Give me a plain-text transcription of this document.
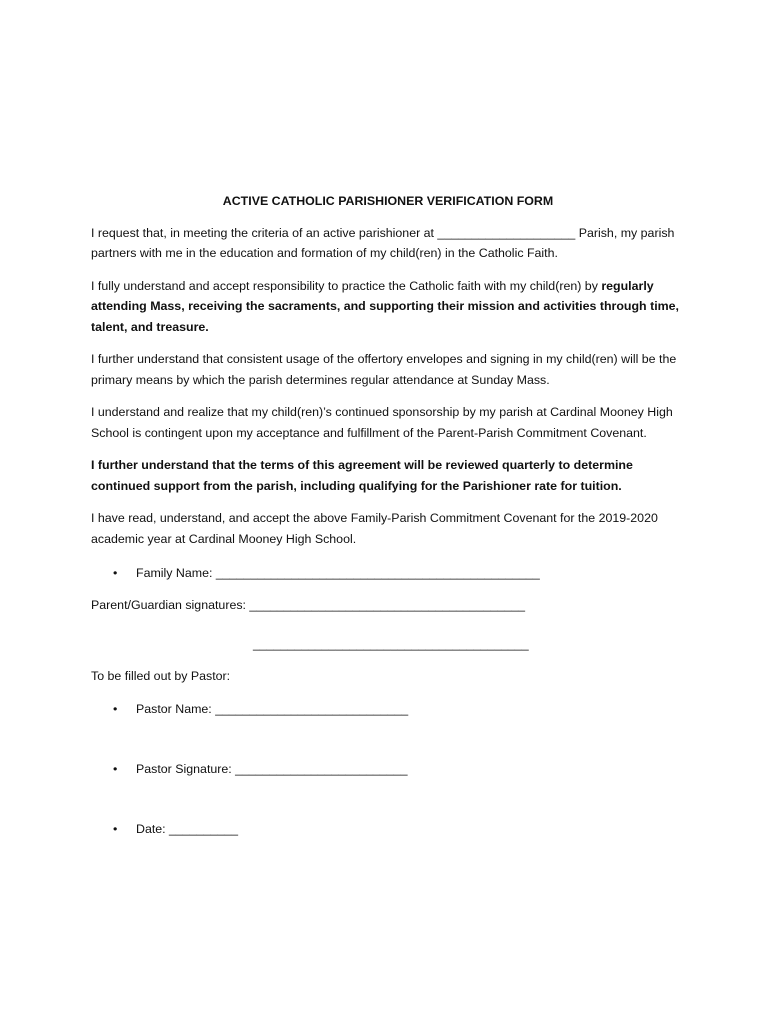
ACTIVE CATHOLIC PARISHIONER VERIFICATION FORM

I request that, in meeting the criteria of an active parishioner at ____________________ Parish, my parish partners with me in the education and formation of my child(ren) in the Catholic Faith.

I fully understand and accept responsibility to practice the Catholic faith with my child(ren) by regularly attending Mass, receiving the sacraments, and supporting their mission and activities through time, talent, and treasure.

I further understand that consistent usage of the offertory envelopes and signing in my child(ren) will be the primary means by which the parish determines regular attendance at Sunday Mass.

I understand and realize that my child(ren)’s continued sponsorship by my parish at Cardinal Mooney High School is contingent upon my acceptance and fulfillment of the Parent-Parish Commitment Covenant.

I further understand that the terms of this agreement will be reviewed quarterly to determine continued support from the parish, including qualifying for the Parishioner rate for tuition.

I have read, understand, and accept the above Family-Parish Commitment Covenant for the 2019-2020 academic year at Cardinal Mooney High School.

• Family Name: _______________________________________________
Parent/Guardian signatures: ________________________________________
________________________________________
To be filled out by Pastor:
• Pastor Name: ____________________________
• Pastor Signature: _________________________
• Date: __________
